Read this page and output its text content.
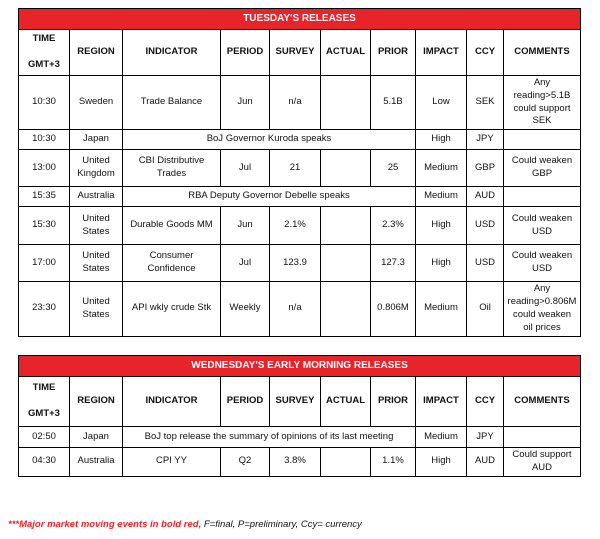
TUESDAY'S RELEASES									
TIME

GMT+3	REGION	INDICATOR	PERIOD	SURVEY	ACTUAL	PRIOR	IMPACT	CCY	COMMENTS
10:30	Sweden	Trade Balance	Jun	n/a		5.1B	Low	SEK	Any reading>5.1B could support SEK
10:30	Japan	BoJ Governor Kuroda speaks					High	JPY	
13:00	United Kingdom	CBI Distributive Trades	Jul	21		25	Medium	GBP	Could weaken GBP
15:35	Australia	RBA Deputy Governor Debelle speaks					Medium	AUD	
15:30	United States	Durable Goods MM	Jun	2.1%		2.3%	High	USD	Could weaken USD
17:00	United States	Consumer Confidence	Jul	123.9		127.3	High	USD	Could weaken USD
23:30	United States	API wkly crude Stk	Weekly	n/a		0.806M	Medium	Oil	Any reading>0.806M could weaken oil prices
WEDNESDAY'S EARLY MORNING RELEASES									
TIME

GMT+3	REGION	INDICATOR	PERIOD	SURVEY	ACTUAL	PRIOR	IMPACT	CCY	COMMENTS
02:50	Japan	BoJ top release the summary of opinions of its last meeting					Medium	JPY	
04:30	Australia	CPI YY	Q2	3.8%		1.1%	High	AUD	Could support AUD
***Major market moving events in bold red, F=final, P=preliminary, Ccy= currency
